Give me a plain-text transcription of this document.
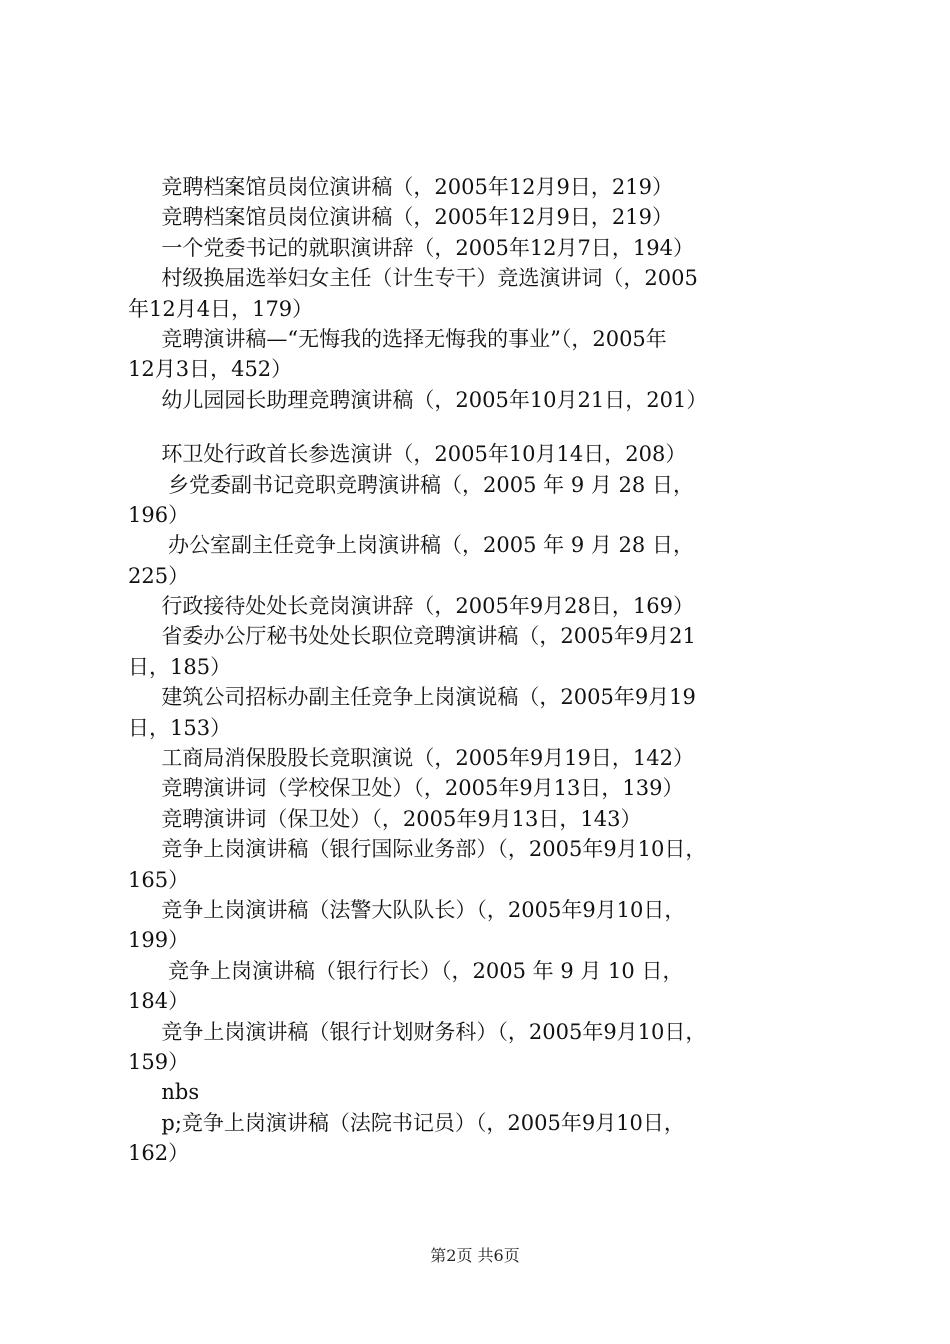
竞聘档案馆员岗位演讲稿（，2005年12月9日，219）
竞聘档案馆员岗位演讲稿（，2005年12月9日，219）
一个党委书记的就职演讲辞（，2005年12月7日，194）
村级换届选举妇女主任（计生专干）竞选演讲词（，2005
年12月4日，179）
竞聘演讲稿—“无悔我的选择无悔我的事业”（，2005年
12月3日，452）
幼儿园园长助理竞聘演讲稿（，2005年10月21日，201）
环卫处行政首长参选演讲（，2005年10月14日，208）
乡党委副书记竞职竞聘演讲稿（，2005 年 9 月 28 日，
196）
办公室副主任竞争上岗演讲稿（，2005 年 9 月 28 日，
225）
行政接待处处长竞岗演讲辞（，2005年9月28日，169）
省委办公厅秘书处处长职位竞聘演讲稿（，2005年9月21
日，185）
建筑公司招标办副主任竞争上岗演说稿（，2005年9月19
日，153）
工商局消保股股长竞职演说（，2005年9月19日，142）
竞聘演讲词（学校保卫处）（，2005年9月13日，139）
竞聘演讲词（保卫处）（，2005年9月13日，143）
竞争上岗演讲稿（银行国际业务部）（，2005年9月10日，
165）
竞争上岗演讲稿（法警大队队长）（，2005年9月10日，
199）
竞争上岗演讲稿（银行行长）（，2005 年 9 月 10 日，
184）
竞争上岗演讲稿（银行计划财务科）（，2005年9月10日，
159）
nbs
p;竞争上岗演讲稿（法院书记员）（，2005年9月10日，
162）
第2页 共6页
